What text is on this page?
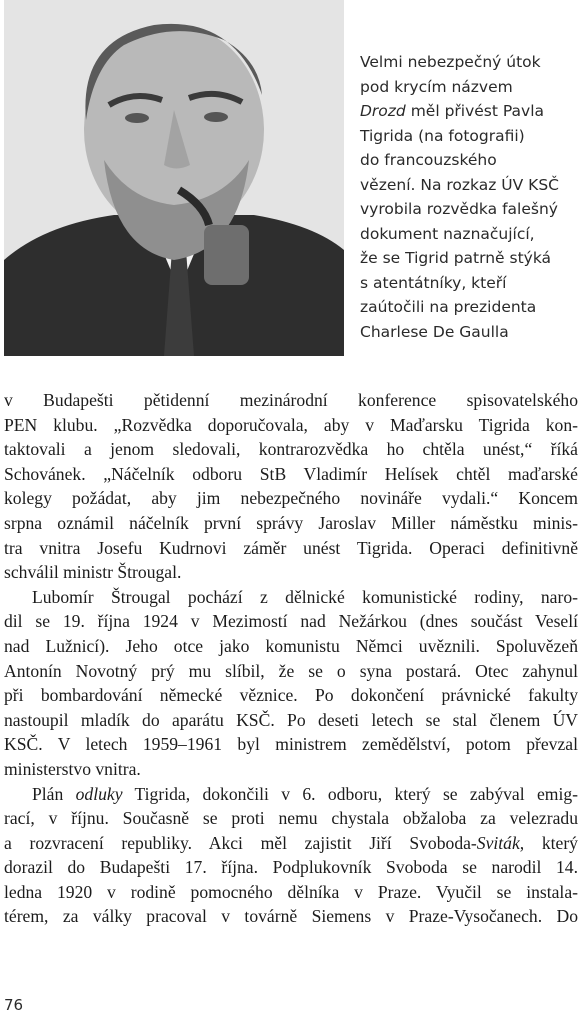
Velmi nebezpečný útok
pod krycím názvem
Drozd měl přivést Pavla
Tigrida (na fotografii)
do francouzského
vězení. Na rozkaz ÚV KSČ
vyrobila rozvědka falešný
dokument naznačující,
že se Tigrid patrně stýká
s atentátníky, kteří
zaútočili na prezidenta
Charlese De Gaulla

v Budapešti pětidenní mezinárodní konference spisovatelského
PEN klubu. „Rozvědka doporučovala, aby v Maďarsku Tigrida kon-
taktovali a jenom sledovali, kontrarozvědka ho chtěla unést,“ říká
Schovánek. „Náčelník odboru StB Vladimír Helísek chtěl maďarské
kolegy požádat, aby jim nebezpečného novináře vydali.“ Koncem
srpna oznámil náčelník první správy Jaroslav Miller náměstku minis-
tra vnitra Josefu Kudrnovi záměr unést Tigrida. Operaci definitivně
schválil ministr Štrougal.

Lubomír Štrougal pochází z dělnické komunistické rodiny, naro-
dil se 19. října 1924 v Mezimostí nad Nežárkou (dnes součást Veselí
nad Lužnicí). Jeho otce jako komunistu Němci uvěznili. Spoluvězeň
Antonín Novotný prý mu slíbil, že se o syna postará. Otec zahynul
při bombardování německé věznice. Po dokončení právnické fakulty
nastoupil mladík do aparátu KSČ. Po deseti letech se stal členem ÚV
KSČ. V letech 1959–1961 byl ministrem zemědělství, potom převzal
ministerstvo vnitra.

Plán odluky Tigrida, dokončili v 6. odboru, který se zabýval emig-
rací, v říjnu. Současně se proti nemu chystala obžaloba za velezradu
a rozvracení republiky. Akci měl zajistit Jiří Svoboda-Sviták, který
dorazil do Budapešti 17. října. Podplukovník Svoboda se narodil 14.
ledna 1920 v rodině pomocného dělníka v Praze. Vyučil se instala-
térem, za války pracoval v továrně Siemens v Praze-Vysočanech. Do

76
